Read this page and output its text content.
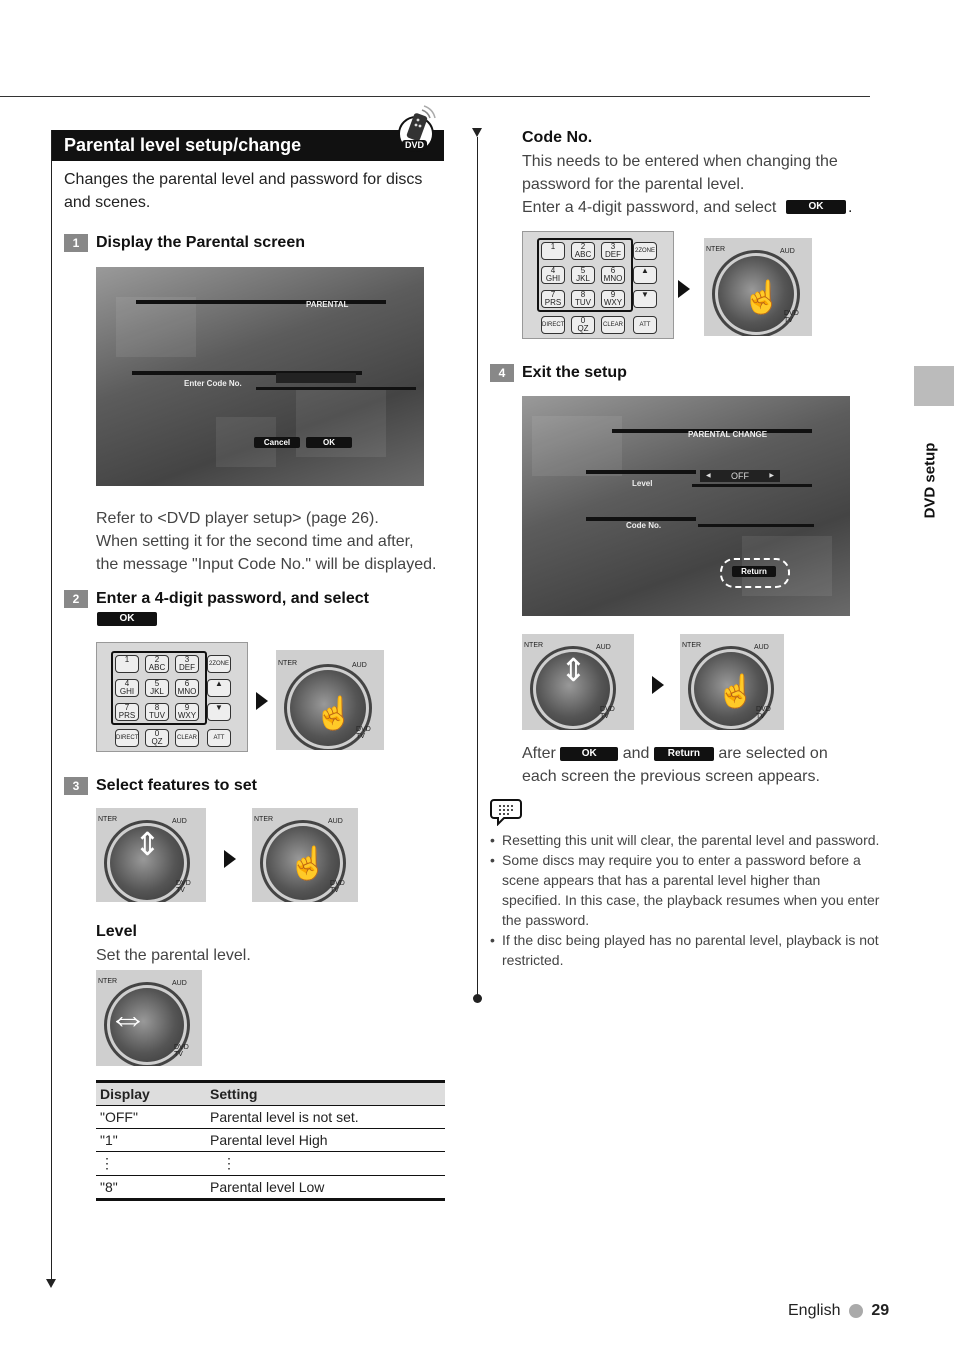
Parental level setup/change	DVD
Changes the parental level and password for discs and scenes.
1	Display the Parental screen
PARENTAL
Enter Code No.
Cancel	OK
Refer to <DVD player setup> (page 26).
When setting it for the second time and after,
the message "Input Code No." will be displayed.
2	Enter a 4-digit password, and select
OK
1	2
ABC
3
DEF
4
GHI
5
JKL
6
MNO
7
PRS
8
TUV
9
WXY
DIRECT	0
QZ	CLEAR
2ZONE
▲
▼
ATT
NTER	AUD
DVD
TV
☝
3	Select features to set
NTER	AUD
DVD
TV
⇕
NTER	AUD
DVD
TV
☝
Level
Set the parental level.
NTER	AUD
DVD
TV
⇔
Display	Setting
"OFF"	Parental level is not set.
"1"	Parental level High
⋮	⋮
"8"	Parental level Low
Code No.
This needs to be entered when changing the
password for the parental level.
Enter a 4-digit password, and select	OK	.
1	2
ABC
3
DEF
4
GHI
5
JKL
6
MNO
7
PRS
8
TUV
9
WXY
DIRECT	0
QZ	CLEAR
2ZONE
▲
▼
ATT
NTER	AUD
DVD
TV
☝
4	Exit the setup
PARENTAL CHANGE
Level
◀ OFF	▶
Code No.
Return
NTER	AUD
DVD
TV
⇕
NTER	AUD
DVD
TV
☝
After	OK and Return are selected on
each screen the previous screen appears.
• Resetting this unit will clear, the parental level and password.
• Some discs may require you to enter a password before a scene appears that has a parental level higher than specified. In this case, the playback resumes when you enter the password.
• If the disc being played has no parental level, playback is not restricted.
DVD setup
English 29
